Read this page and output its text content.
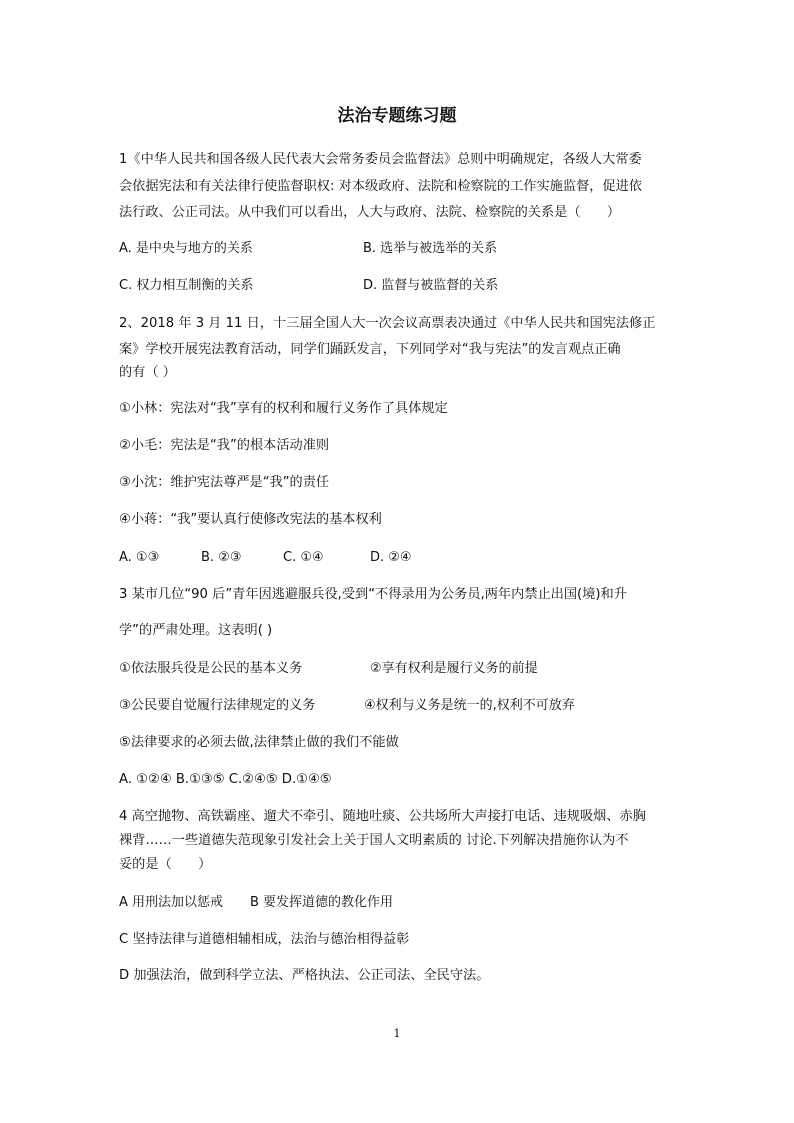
法治专题练习题
1《中华人民共和国各级人民代表大会常务委员会监督法》总则中明确规定，各级人大常委
会依据宪法和有关法律行使监督职权: 对本级政府、法院和检察院的工作实施监督，促进依
法行政、公正司法。从中我们可以看出，人大与政府、法院、检察院的关系是（　　）
A. 是中央与地方的关系	B. 选举与被选举的关系
C. 权力相互制衡的关系	D. 监督与被监督的关系
2、2018 年 3 月 11 日，十三届全国人大一次会议高票表决通过《中华人民共和国宪法修正
案》学校开展宪法教育活动，同学们踊跃发言，下列同学对“我与宪法”的发言观点正确
的有（ ）
①小林：宪法对“我”享有的权利和履行义务作了具体规定
②小毛：宪法是“我”的根本活动准则
③小沈：维护宪法尊严是“我”的责任
④小蒋：“我”要认真行使修改宪法的基本权利
A. ①③	B. ②③	C. ①④	D. ②④
3 某市几位“90 后”青年因逃避服兵役,受到“不得录用为公务员,两年内禁止出国(境)和升
学”的严肃处理。这表明( )
①依法服兵役是公民的基本义务	②享有权利是履行义务的前提
③公民要自觉履行法律规定的义务	④权利与义务是统一的,权利不可放弃
⑤法律要求的必须去做,法律禁止做的我们不能做
A. ①②④ B.①③⑤ C.②④⑤ D.①④⑤
4 高空抛物、高铁霸座、遛犬不牵引、随地吐痰、公共场所大声接打电话、违规吸烟、赤胸
裸背……一些道德失范现象引发社会上关于国人文明素质的 讨论.下列解决措施你认为不
妥的是（　　）
A 用刑法加以惩戒 B 要发挥道德的教化作用
C 坚持法律与道德相辅相成，法治与德治相得益彰
D 加强法治，做到科学立法、严格执法、公正司法、全民守法。
1
